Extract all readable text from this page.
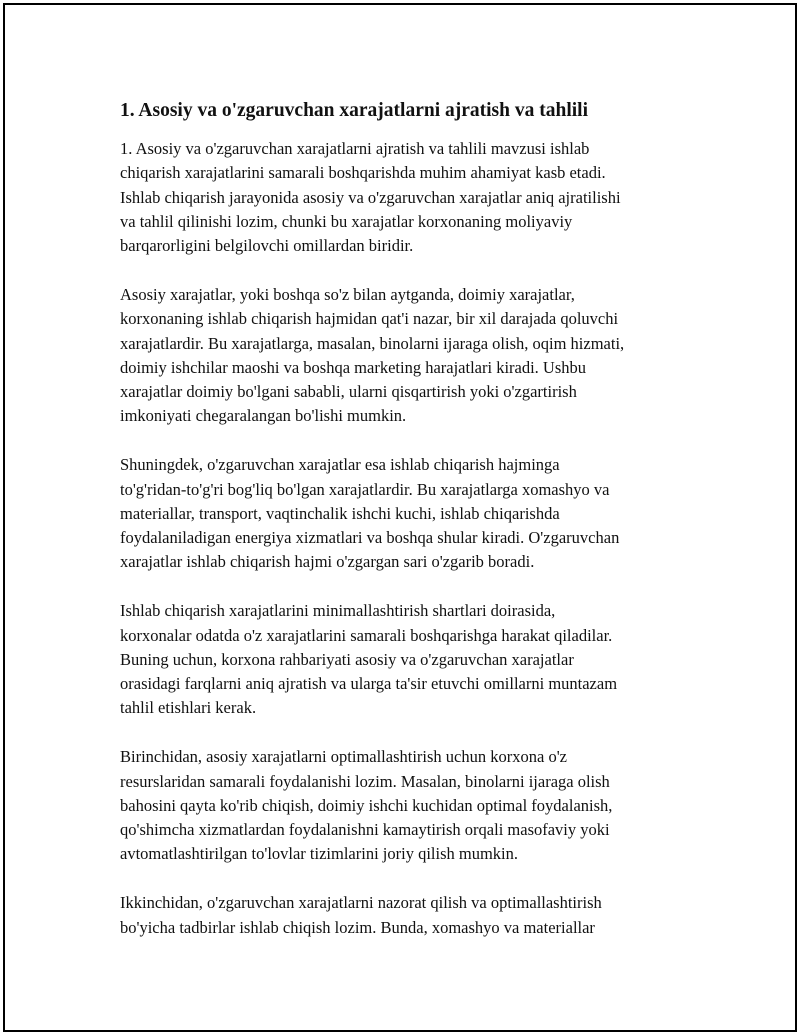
1. Asosiy va o'zgaruvchan xarajatlarni ajratish va tahlili

1. Asosiy va o'zgaruvchan xarajatlarni ajratish va tahlili mavzusi ishlab
chiqarish xarajatlarini samarali boshqarishda muhim ahamiyat kasb etadi.
Ishlab chiqarish jarayonida asosiy va o'zgaruvchan xarajatlar aniq ajratilishi
va tahlil qilinishi lozim, chunki bu xarajatlar korxonaning moliyaviy
barqarorligini belgilovchi omillardan biridir.

Asosiy xarajatlar, yoki boshqa so'z bilan aytganda, doimiy xarajatlar,
korxonaning ishlab chiqarish hajmidan qat'i nazar, bir xil darajada qoluvchi
xarajatlardir. Bu xarajatlarga, masalan, binolarni ijaraga olish, oqim hizmati,
doimiy ishchilar maoshi va boshqa marketing harajatlari kiradi. Ushbu
xarajatlar doimiy bo'lgani sababli, ularni qisqartirish yoki o'zgartirish
imkoniyati chegaralangan bo'lishi mumkin.

Shuningdek, o'zgaruvchan xarajatlar esa ishlab chiqarish hajminga
to'g'ridan-to'g'ri bog'liq bo'lgan xarajatlardir. Bu xarajatlarga xomashyo va
materiallar, transport, vaqtinchalik ishchi kuchi, ishlab chiqarishda
foydalaniladigan energiya xizmatlari va boshqa shular kiradi. O'zgaruvchan
xarajatlar ishlab chiqarish hajmi o'zgargan sari o'zgarib boradi.

Ishlab chiqarish xarajatlarini minimallashtirish shartlari doirasida,
korxonalar odatda o'z xarajatlarini samarali boshqarishga harakat qiladilar.
Buning uchun, korxona rahbariyati asosiy va o'zgaruvchan xarajatlar
orasidagi farqlarni aniq ajratish va ularga ta'sir etuvchi omillarni muntazam
tahlil etishlari kerak.

Birinchidan, asosiy xarajatlarni optimallashtirish uchun korxona o'z
resurslaridan samarali foydalanishi lozim. Masalan, binolarni ijaraga olish
bahosini qayta ko'rib chiqish, doimiy ishchi kuchidan optimal foydalanish,
qo'shimcha xizmatlardan foydalanishni kamaytirish orqali masofaviy yoki
avtomatlashtirilgan to'lovlar tizimlarini joriy qilish mumkin.

Ikkinchidan, o'zgaruvchan xarajatlarni nazorat qilish va optimallashtirish
bo'yicha tadbirlar ishlab chiqish lozim. Bunda, xomashyo va materiallar
